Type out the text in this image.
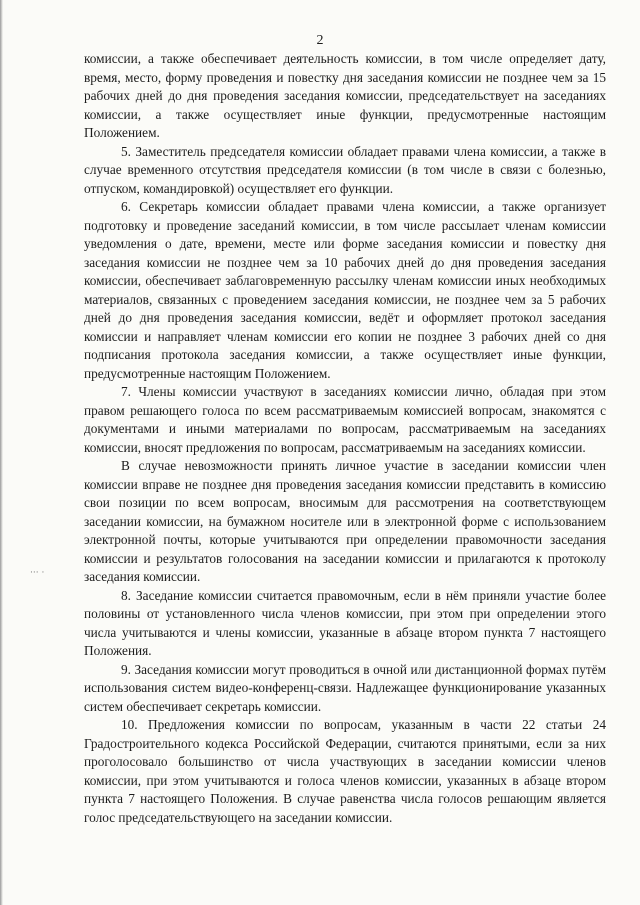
2

комиссии, а также обеспечивает деятельность комиссии, в том числе определяет дату, время, место, форму проведения и повестку дня заседания комиссии не позднее чем за 15 рабочих дней до дня проведения заседания комиссии, председательствует на заседаниях комиссии, а также осуществляет иные функции, предусмотренные настоящим Положением.

5. Заместитель председателя комиссии обладает правами члена комиссии, а также в случае временного отсутствия председателя комиссии (в том числе в связи с болезнью, отпуском, командировкой) осуществляет его функции.

6. Секретарь комиссии обладает правами члена комиссии, а также организует подготовку и проведение заседаний комиссии, в том числе рассылает членам комиссии уведомления о дате, времени, месте или форме заседания комиссии и повестку дня заседания комиссии не позднее чем за 10 рабочих дней до дня проведения заседания комиссии, обеспечивает заблаговременную рассылку членам комиссии иных необходимых материалов, связанных с проведением заседания комиссии, не позднее чем за 5 рабочих дней до дня проведения заседания комиссии, ведёт и оформляет протокол заседания комиссии и направляет членам комиссии его копии не позднее 3 рабочих дней со дня подписания протокола заседания комиссии, а также осуществляет иные функции, предусмотренные настоящим Положением.

7. Члены комиссии участвуют в заседаниях комиссии лично, обладая при этом правом решающего голоса по всем рассматриваемым комиссией вопросам, знакомятся с документами и иными материалами по вопросам, рассматриваемым на заседаниях комиссии, вносят предложения по вопросам, рассматриваемым на заседаниях комиссии.

В случае невозможности принять личное участие в заседании комиссии член комиссии вправе не позднее дня проведения заседания комиссии представить в комиссию свои позиции по всем вопросам, вносимым для рассмотрения на соответствующем заседании комиссии, на бумажном носителе или в электронной форме с использованием электронной почты, которые учитываются при определении правомочности заседания комиссии и результатов голосования на заседании комиссии и прилагаются к протоколу заседания комиссии.

8. Заседание комиссии считается правомочным, если в нём приняли участие более половины от установленного числа членов комиссии, при этом при определении этого числа учитываются и члены комиссии, указанные в абзаце втором пункта 7 настоящего Положения.

9. Заседания комиссии могут проводиться в очной или дистанционной формах путём использования систем видео-конференц-связи. Надлежащее функционирование указанных систем обеспечивает секретарь комиссии.

10. Предложения комиссии по вопросам, указанным в части 22 статьи 24 Градостроительного кодекса Российской Федерации, считаются принятыми, если за них проголосовало большинство от числа участвующих в заседании комиссии членов комиссии, при этом учитываются и голоса членов комиссии, указанных в абзаце втором пункта 7 настоящего Положения. В случае равенства числа голосов решающим является голос председательствующего на заседании комиссии.

··· ·
